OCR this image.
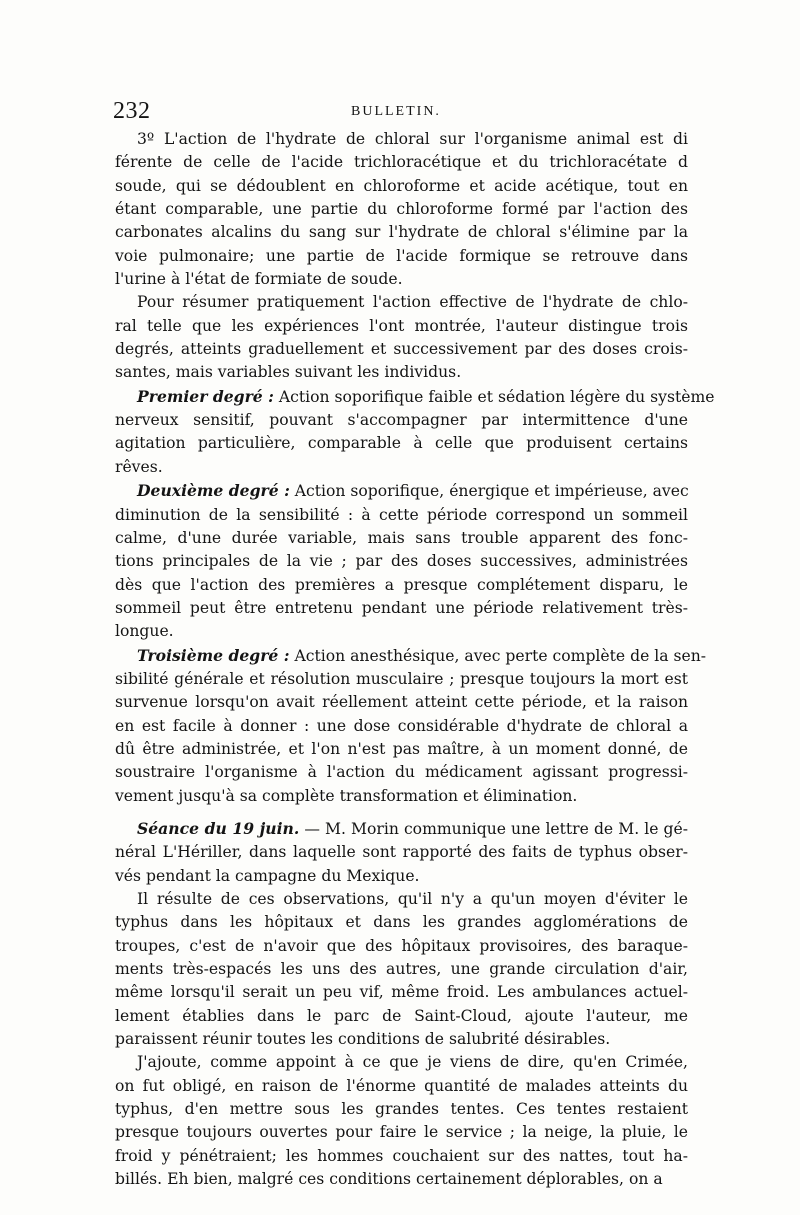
232	BULLETIN.
3º L'action de l'hydrate de chloral sur l'organisme animal est di
férente de celle de l'acide trichloracétique et du trichloracétate d
soude, qui se dédoublent en chloroforme et acide acétique, tout en
étant comparable, une partie du chloroforme formé par l'action des
carbonates alcalins du sang sur l'hydrate de chloral s'élimine par la
voie pulmonaire; une partie de l'acide formique se retrouve dans
l'urine à l'état de formiate de soude.
Pour résumer pratiquement l'action effective de l'hydrate de chlo-
ral telle que les expériences l'ont montrée, l'auteur distingue trois
degrés, atteints graduellement et successivement par des doses crois-
santes, mais variables suivant les individus.
Premier degré : Action soporifique faible et sédation légère du système
nerveux sensitif, pouvant s'accompagner par intermittence d'une
agitation particulière, comparable à celle que produisent certains
rêves.
Deuxième degré : Action soporifique, énergique et impérieuse, avec
diminution de la sensibilité : à cette période correspond un sommeil
calme, d'une durée variable, mais sans trouble apparent des fonc-
tions principales de la vie ; par des doses successives, administrées
dès que l'action des premières a presque complétement disparu, le
sommeil peut être entretenu pendant une période relativement très-
longue.
Troisième degré : Action anesthésique, avec perte complète de la sen-
sibilité générale et résolution musculaire ; presque toujours la mort est
survenue lorsqu'on avait réellement atteint cette période, et la raison
en est facile à donner : une dose considérable d'hydrate de chloral a
dû être administrée, et l'on n'est pas maître, à un moment donné, de
soustraire l'organisme à l'action du médicament agissant progressi-
vement jusqu'à sa complète transformation et élimination.
Séance du 19 juin. — M. Morin communique une lettre de M. le gé-
néral L'Hériller, dans laquelle sont rapporté des faits de typhus obser-
vés pendant la campagne du Mexique.
Il résulte de ces observations, qu'il n'y a qu'un moyen d'éviter le
typhus dans les hôpitaux et dans les grandes agglomérations de
troupes, c'est de n'avoir que des hôpitaux provisoires, des baraque-
ments très-espacés les uns des autres, une grande circulation d'air,
même lorsqu'il serait un peu vif, même froid. Les ambulances actuel-
lement établies dans le parc de Saint-Cloud, ajoute l'auteur, me
paraissent réunir toutes les conditions de salubrité désirables.
J'ajoute, comme appoint à ce que je viens de dire, qu'en Crimée,
on fut obligé, en raison de l'énorme quantité de malades atteints du
typhus, d'en mettre sous les grandes tentes. Ces tentes restaient
presque toujours ouvertes pour faire le service ; la neige, la pluie, le
froid y pénétraient; les hommes couchaient sur des nattes, tout ha-
billés. Eh bien, malgré ces conditions certainement déplorables, on a
